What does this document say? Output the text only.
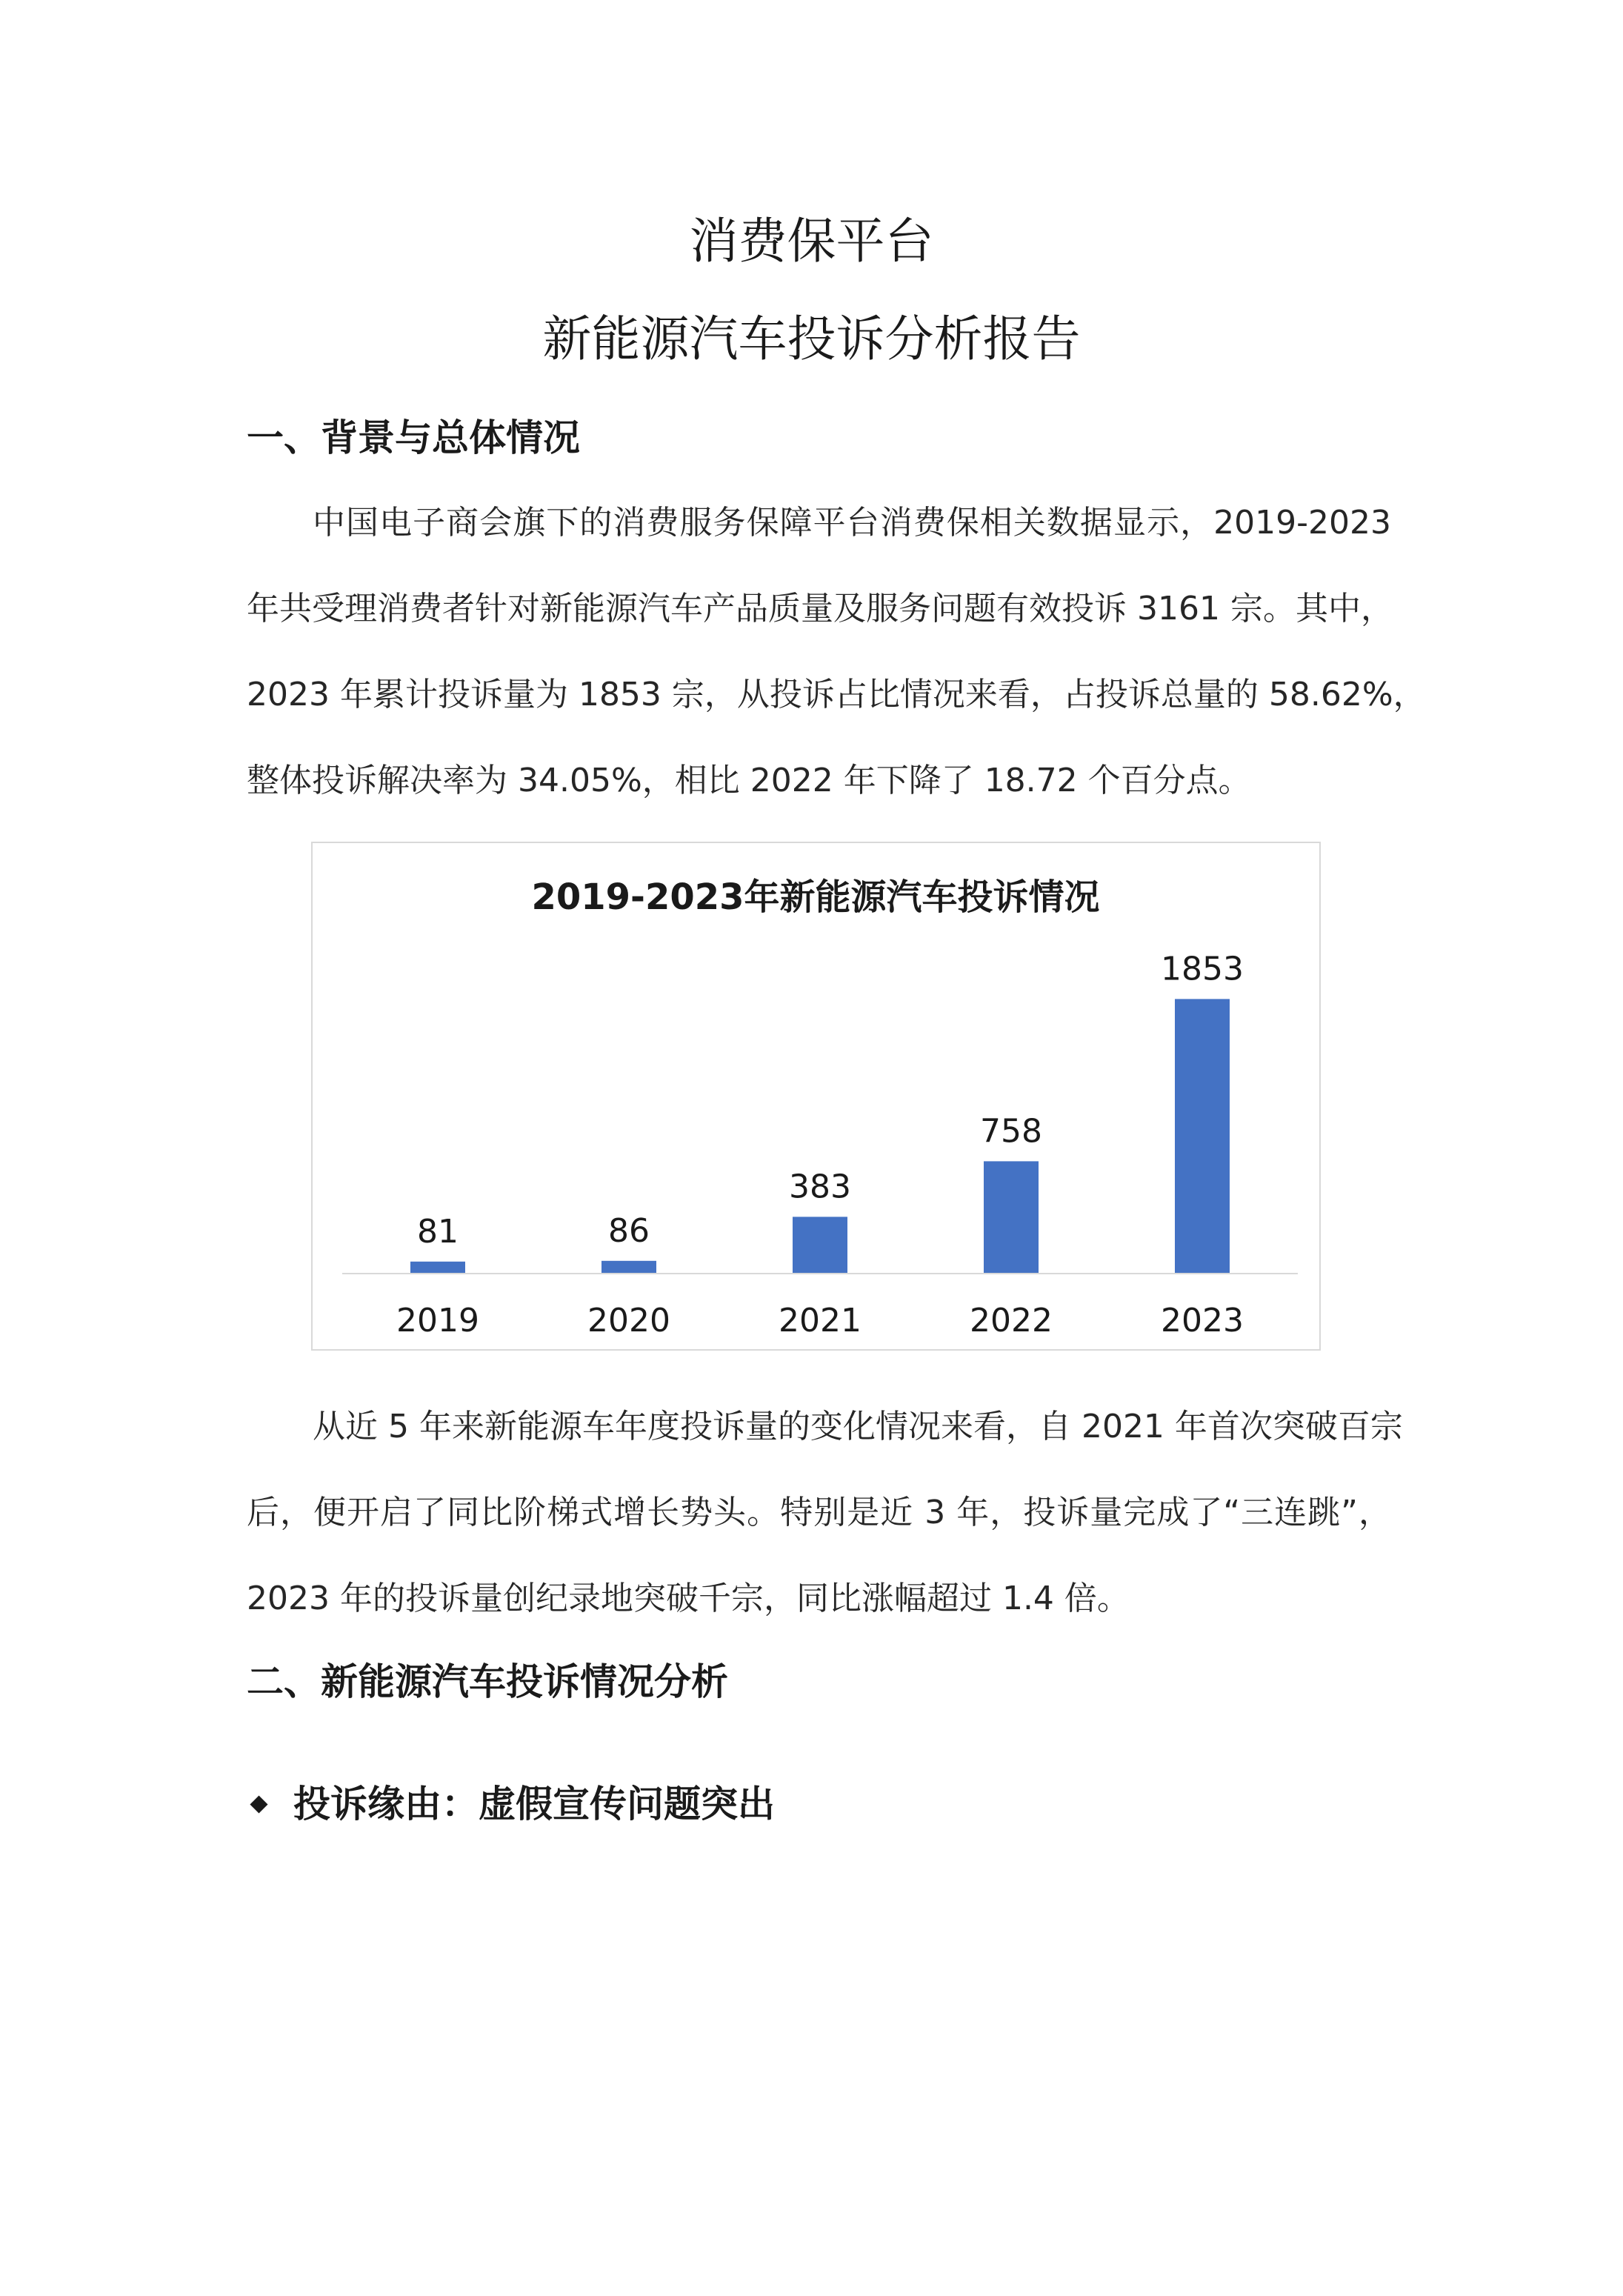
消费保平台
新能源汽车投诉分析报告
一、背景与总体情况
中国电子商会旗下的消费服务保障平台消费保相关数据显示，2019-2023
年共受理消费者针对新能源汽车产品质量及服务问题有效投诉 3161 宗。其中，
2023 年累计投诉量为 1853 宗，从投诉占比情况来看，占投诉总量的 58.62%，
整体投诉解决率为 34.05%，相比 2022 年下降了 18.72 个百分点。
2019-2023年新能源汽车投诉情况
81
2019
86
2020
383
2021
758
2022
1853
2023
从近 5 年来新能源车年度投诉量的变化情况来看，自 2021 年首次突破百宗
后，便开启了同比阶梯式增长势头。特别是近 3 年，投诉量完成了“三连跳”，
2023 年的投诉量创纪录地突破千宗，同比涨幅超过 1.4 倍。
二、新能源汽车投诉情况分析
投诉缘由：虚假宣传问题突出
